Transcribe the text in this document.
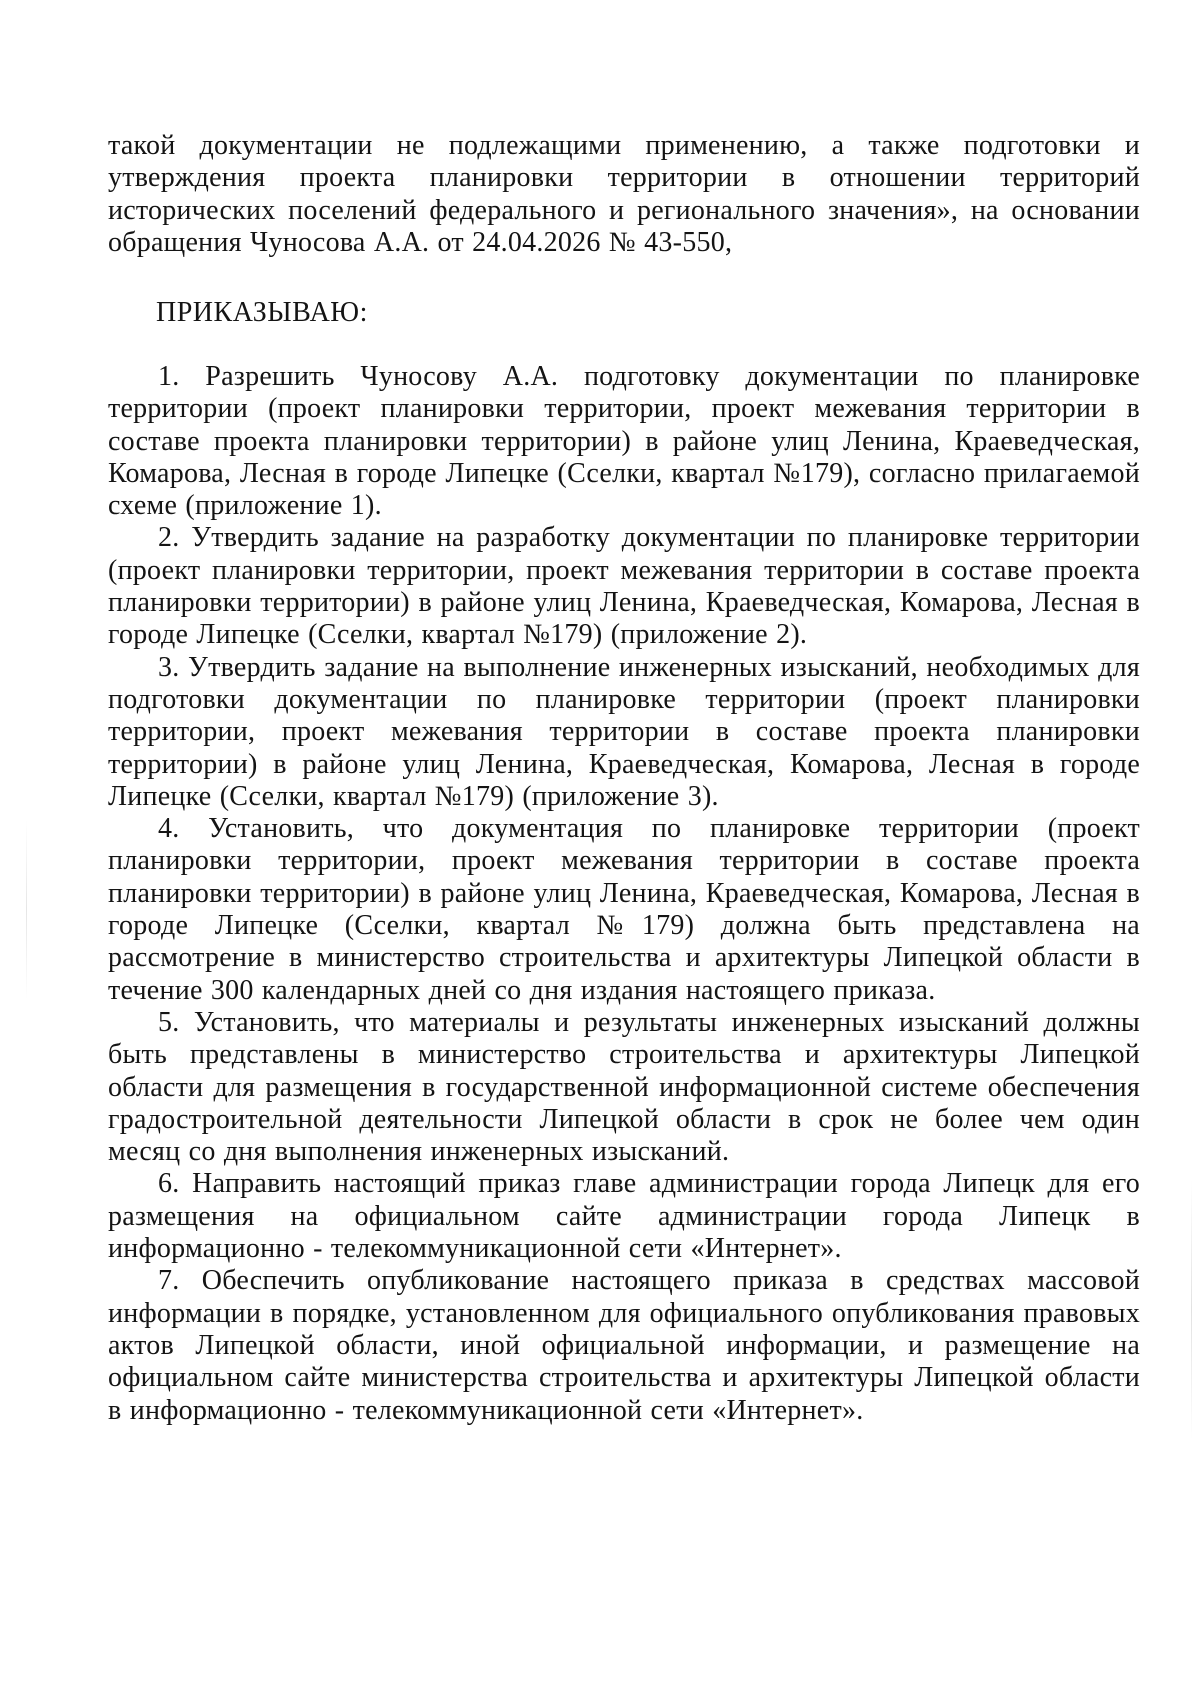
такой документации не подлежащими применению, а также подготовки и утверждения проекта планировки территории в отношении территорий исторических поселений федерального и регионального значения», на основании обращения Чуносова А.А. от 24.04.2026 № 43-550,

ПРИКАЗЫВАЮ:

1. Разрешить Чуносову А.А. подготовку документации по планировке территории (проект планировки территории, проект межевания территории в составе проекта планировки территории) в районе улиц Ленина, Краеведческая, Комарова, Лесная в городе Липецке (Сселки, квартал №179), согласно прилагаемой схеме (приложение 1).

2. Утвердить задание на разработку документации по планировке территории (проект планировки территории, проект межевания территории в составе проекта планировки территории) в районе улиц Ленина, Краеведческая, Комарова, Лесная в городе Липецке (Сселки, квартал №179) (приложение 2).

3. Утвердить задание на выполнение инженерных изысканий, необходимых для подготовки документации по планировке территории (проект планировки территории, проект межевания территории в составе проекта планировки территории) в районе улиц Ленина, Краеведческая, Комарова, Лесная в городе Липецке (Сселки, квартал №179) (приложение 3).

4. Установить, что документация по планировке территории (проект планировки территории, проект межевания территории в составе проекта планировки территории) в районе улиц Ленина, Краеведческая, Комарова, Лесная в городе Липецке (Сселки, квартал №179) должна быть представлена на рассмотрение в министерство строительства и архитектуры Липецкой области в течение 300 календарных дней со дня издания настоящего приказа.

5. Установить, что материалы и результаты инженерных изысканий должны быть представлены в министерство строительства и архитектуры Липецкой области для размещения в государственной информационной системе обеспечения градостроительной деятельности Липецкой области в срок не более чем один месяц со дня выполнения инженерных изысканий.

6. Направить настоящий приказ главе администрации города Липецк для его размещения на официальном сайте администрации города Липецк в информационно - телекоммуникационной сети «Интернет».

7. Обеспечить опубликование настоящего приказа в средствах массовой информации в порядке, установленном для официального опубликования правовых актов Липецкой области, иной официальной информации, и размещение на официальном сайте министерства строительства и архитектуры Липецкой области в информационно - телекоммуникационной сети «Интернет».
